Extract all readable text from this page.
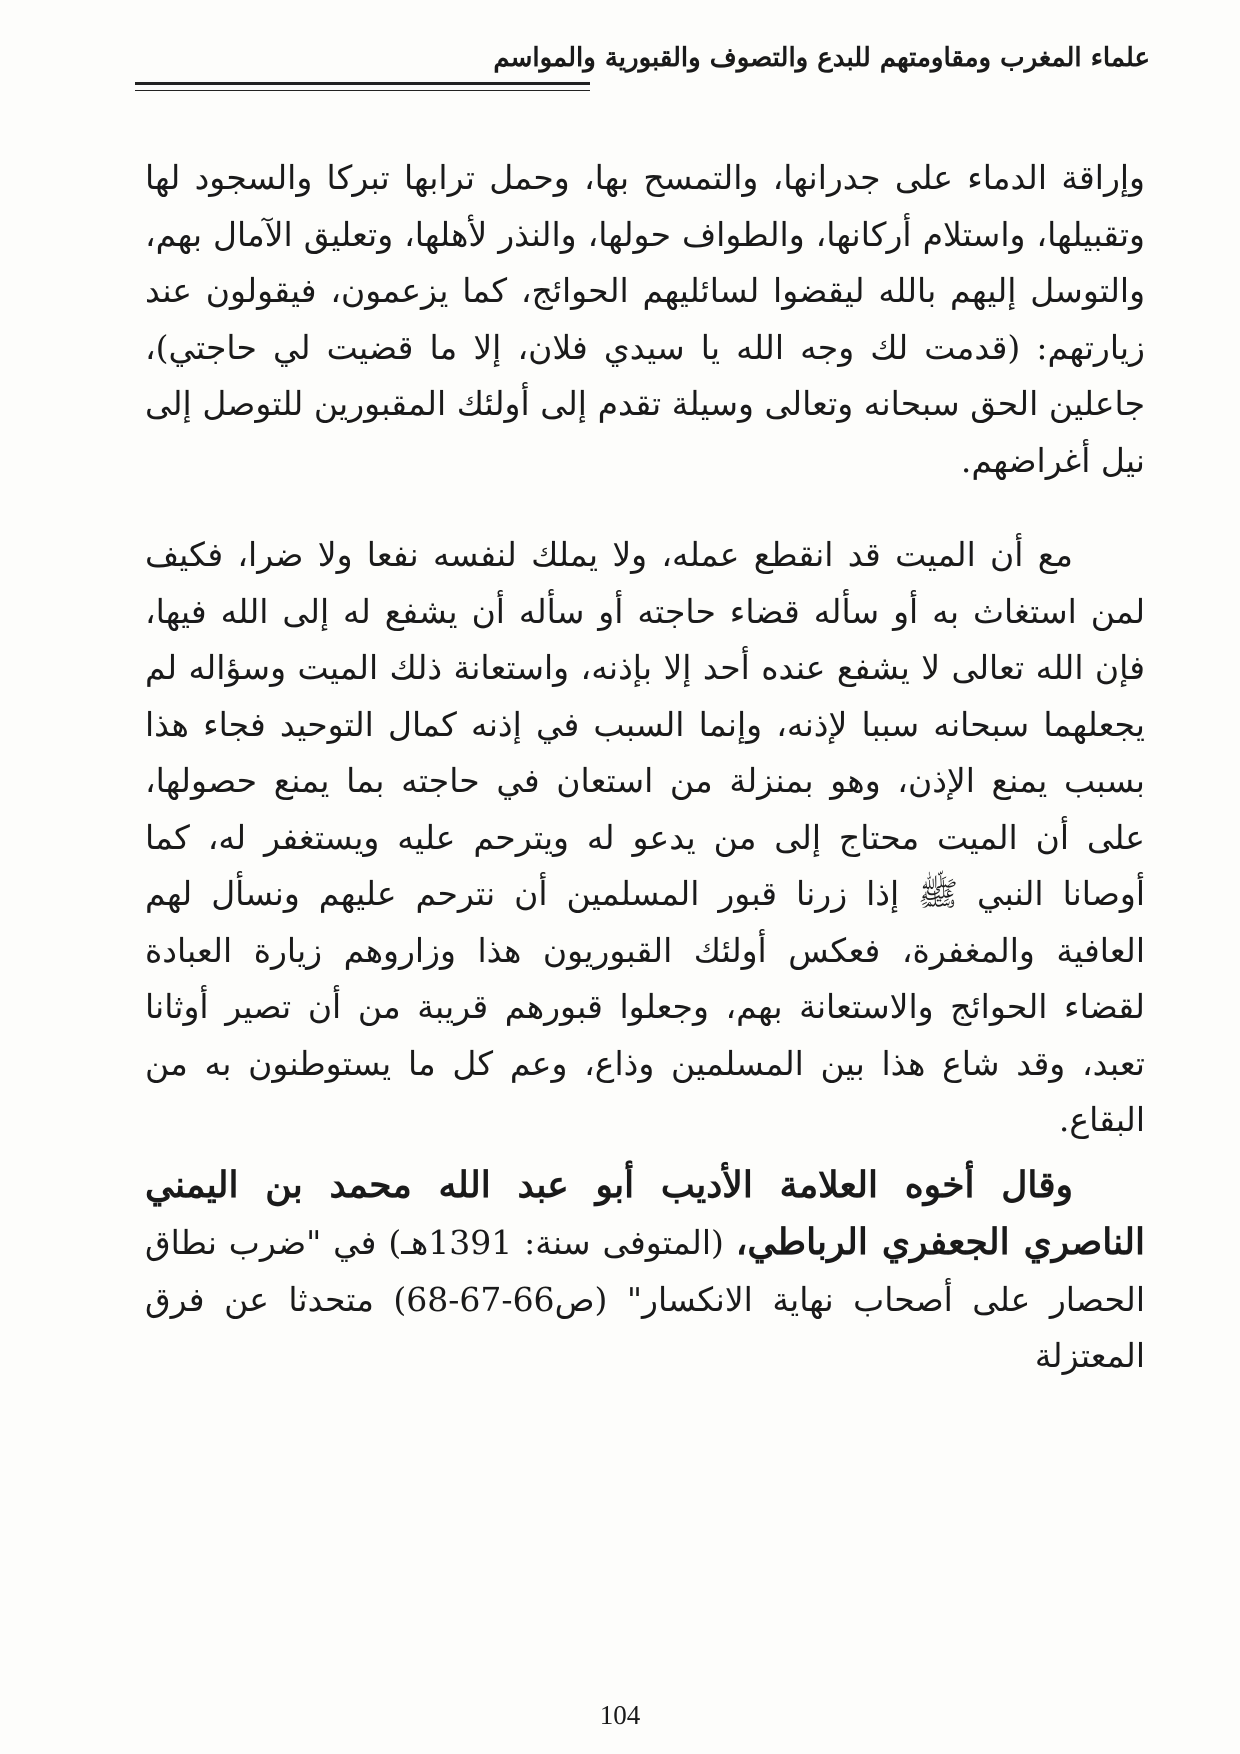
علماء المغرب ومقاومتهم للبدع والتصوف والقبورية والمواسم

وإراقة الدماء على جدرانها، والتمسح بها، وحمل ترابها تبركا والسجود لها وتقبيلها، واستلام أركانها، والطواف حولها، والنذر لأهلها، وتعليق الآمال بهم، والتوسل إليهم بالله ليقضوا لسائليهم الحوائج، كما يزعمون، فيقولون عند زيارتهم: (قدمت لك وجه الله يا سيدي فلان، إلا ما قضيت لي حاجتي)، جاعلين الحق سبحانه وتعالى وسيلة تقدم إلى أولئك المقبورين للتوصل إلى نيل أغراضهم.

مع أن الميت قد انقطع عمله، ولا يملك لنفسه نفعا ولا ضرا، فكيف لمن استغاث به أو سأله قضاء حاجته أو سأله أن يشفع له إلى الله فيها، فإن الله تعالى لا يشفع عنده أحد إلا بإذنه، واستعانة ذلك الميت وسؤاله لم يجعلهما سبحانه سببا لإذنه، وإنما السبب في إذنه كمال التوحيد فجاء هذا بسبب يمنع الإذن، وهو بمنزلة من استعان في حاجته بما يمنع حصولها، على أن الميت محتاج إلى من يدعو له ويترحم عليه ويستغفر له، كما أوصانا النبي ﷺ إذا زرنا قبور المسلمين أن نترحم عليهم ونسأل لهم العافية والمغفرة، فعكس أولئك القبوريون هذا وزاروهم زيارة العبادة لقضاء الحوائج والاستعانة بهم، وجعلوا قبورهم قريبة من أن تصير أوثانا تعبد، وقد شاع هذا بين المسلمين وذاع، وعم كل ما يستوطنون به من البقاع.

وقال أخوه العلامة الأديب أبو عبد الله محمد بن اليمني الناصري الجعفري الرباطي، (المتوفى سنة: 1391هـ) في "ضرب نطاق الحصار على أصحاب نهاية الانكسار" (ص66-67-68) متحدثا عن فرق المعتزلة

104
